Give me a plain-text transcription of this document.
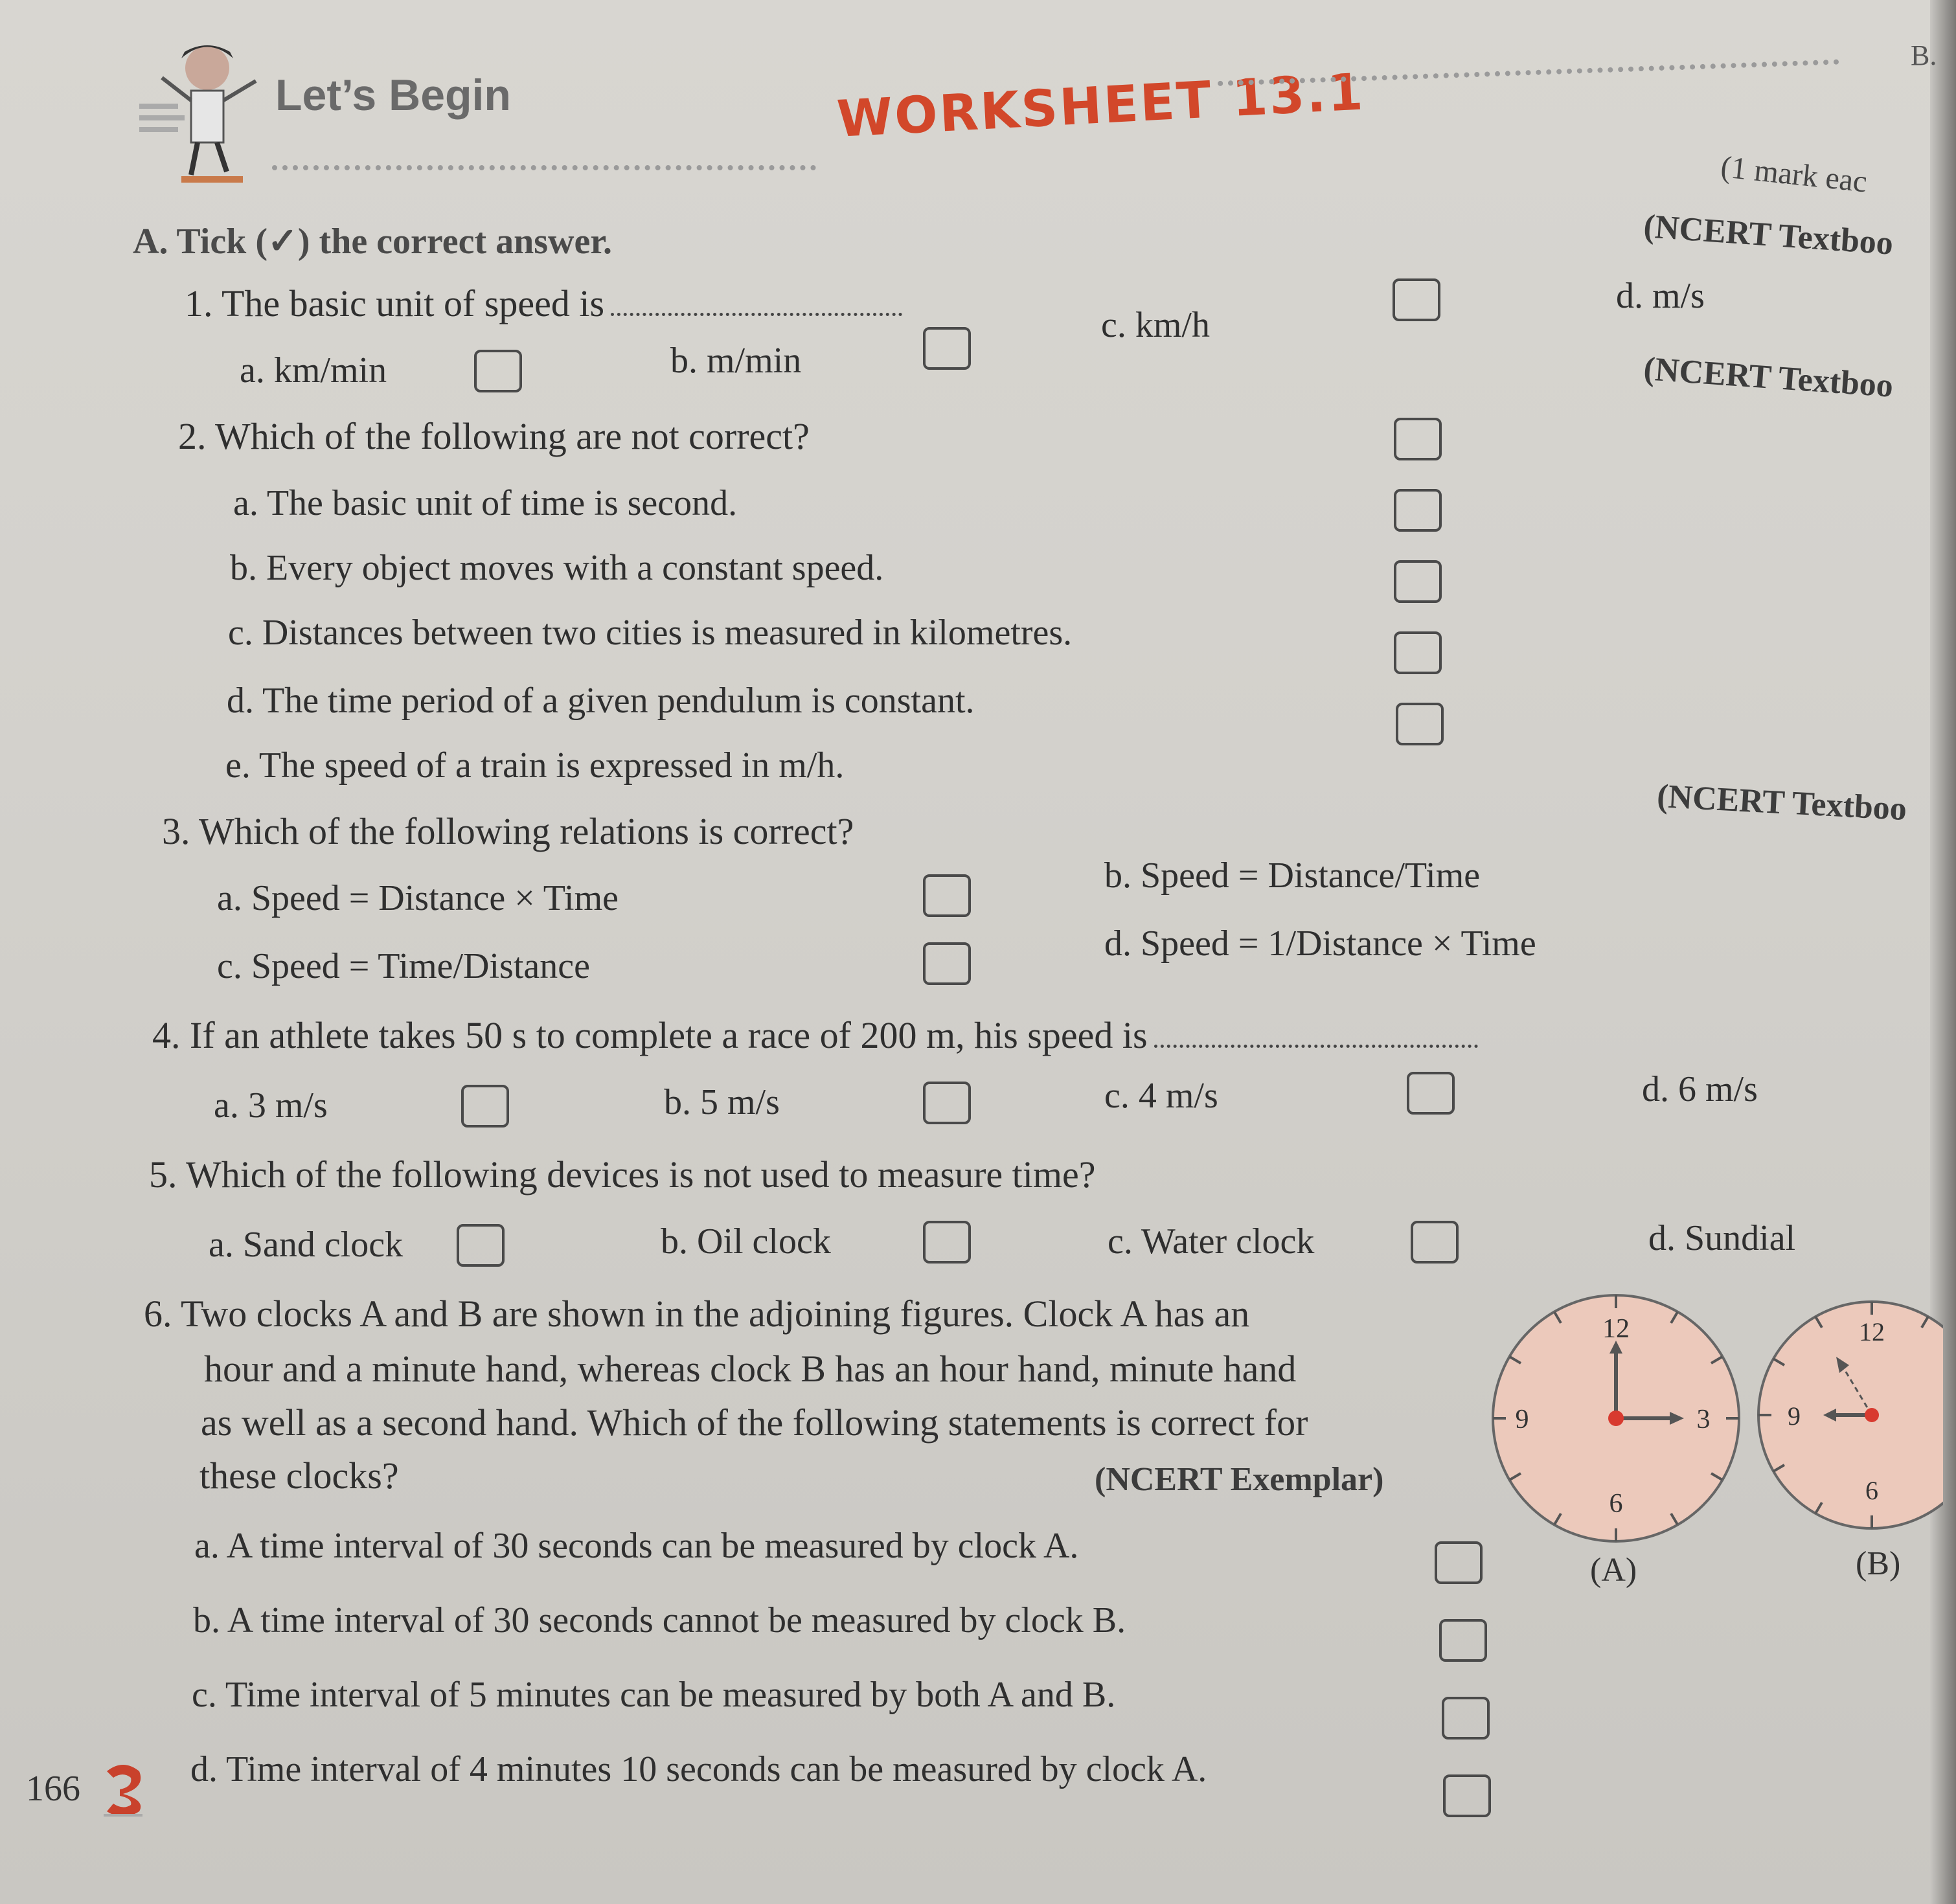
B.
Let’s Begin	WORKSHEET 13.1
(1 mark eac
A. Tick (✓) the correct answer.	(NCERT Textboo
1. The basic unit of speed is
a. km/min	b. m/min
c. km/h
d. m/s
(NCERT Textboo
2. Which of the following are not correct?
a. The basic unit of time is second.
b. Every object moves with a constant speed.
c. Distances between two cities is measured in kilometres.
d. The time period of a given pendulum is constant.
e. The speed of a train is expressed in m/h.
(NCERT Textboo
3. Which of the following relations is correct?
a. Speed = Distance × Time
b. Speed = Distance/Time
c. Speed = Time/Distance
d. Speed = 1/Distance × Time
4. If an athlete takes 50 s to complete a race of 200 m, his speed is
a. 3 m/s	b. 5 m/s	c. 4 m/s	d. 6 m/s
5. Which of the following devices is not used to measure time?
a. Sand clock	b. Oil clock	c. Water clock	d. Sundial
6. Two clocks A and B are shown in the adjoining figures. Clock A has an
hour and a minute hand, whereas clock B has an hour hand, minute hand
as well as a second hand. Which of the following statements is correct for
these clocks?	(NCERT Exemplar)
a. A time interval of 30 seconds can be measured by clock A.
b. A time interval of 30 seconds cannot be measured by clock B.
c. Time interval of 5 minutes can be measured by both A and B.
d. Time interval of 4 minutes 10 seconds can be measured by clock A.
12
3
6
9
12
6
9
(A)	(B)
166
